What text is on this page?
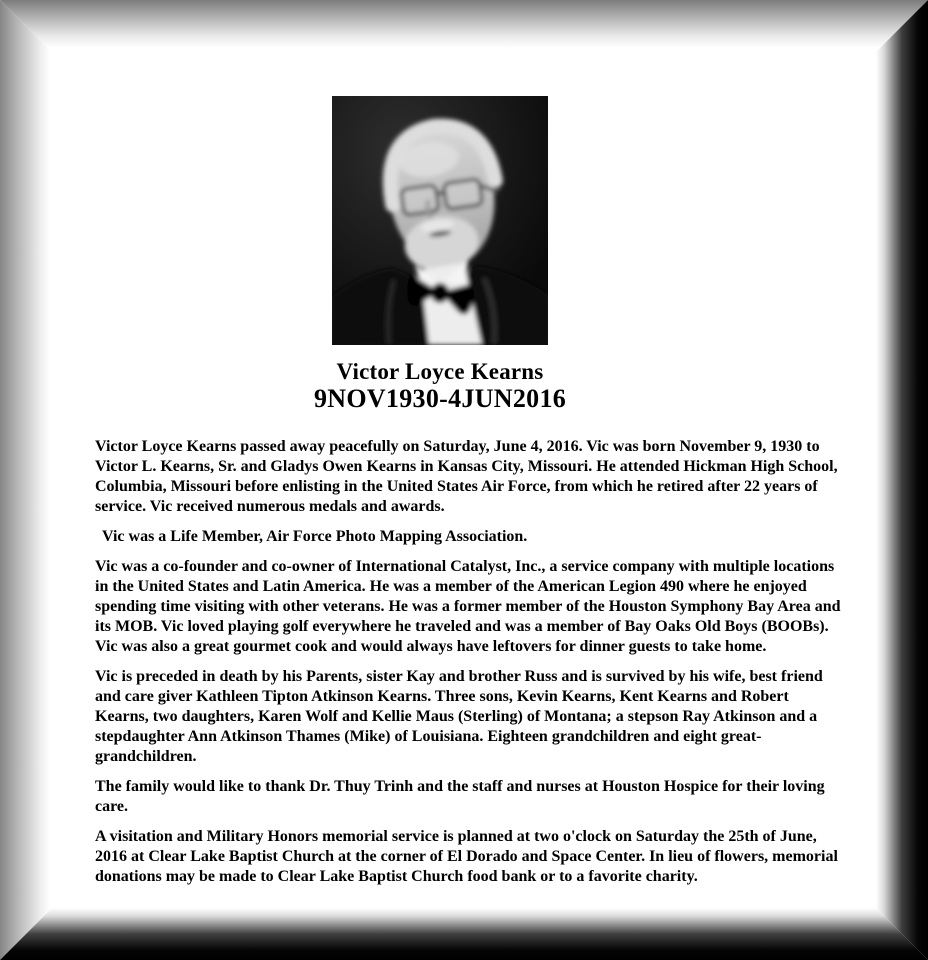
Victor Loyce Kearns
9NOV1930-4JUN2016

Victor Loyce Kearns passed away peacefully on Saturday, June 4, 2016. Vic was born November 9, 1930 to Victor L. Kearns, Sr. and Gladys Owen Kearns in Kansas City, Missouri. He attended Hickman High School, Columbia, Missouri before enlisting in the United States Air Force, from which he retired after 22 years of service. Vic received numerous medals and awards.

Vic was a Life Member, Air Force Photo Mapping Association.

Vic was a co-founder and co-owner of International Catalyst, Inc., a service company with multiple locations in the United States and Latin America. He was a member of the American Legion 490 where he enjoyed spending time visiting with other veterans. He was a former member of the Houston Symphony Bay Area and its MOB. Vic loved playing golf everywhere he traveled and was a member of Bay Oaks Old Boys (BOOBs). Vic was also a great gourmet cook and would always have leftovers for dinner guests to take home.

Vic is preceded in death by his Parents, sister Kay and brother Russ and is survived by his wife, best friend and care giver Kathleen Tipton Atkinson Kearns. Three sons, Kevin Kearns, Kent Kearns and Robert Kearns, two daughters, Karen Wolf and Kellie Maus (Sterling) of Montana; a stepson Ray Atkinson and a stepdaughter Ann Atkinson Thames (Mike) of Louisiana. Eighteen grandchildren and eight great-grandchildren.

The family would like to thank Dr. Thuy Trinh and the staff and nurses at Houston Hospice for their loving care.

A visitation and Military Honors memorial service is planned at two o'clock on Saturday the 25th of June, 2016 at Clear Lake Baptist Church at the corner of El Dorado and Space Center. In lieu of flowers, memorial donations may be made to Clear Lake Baptist Church food bank or to a favorite charity.
